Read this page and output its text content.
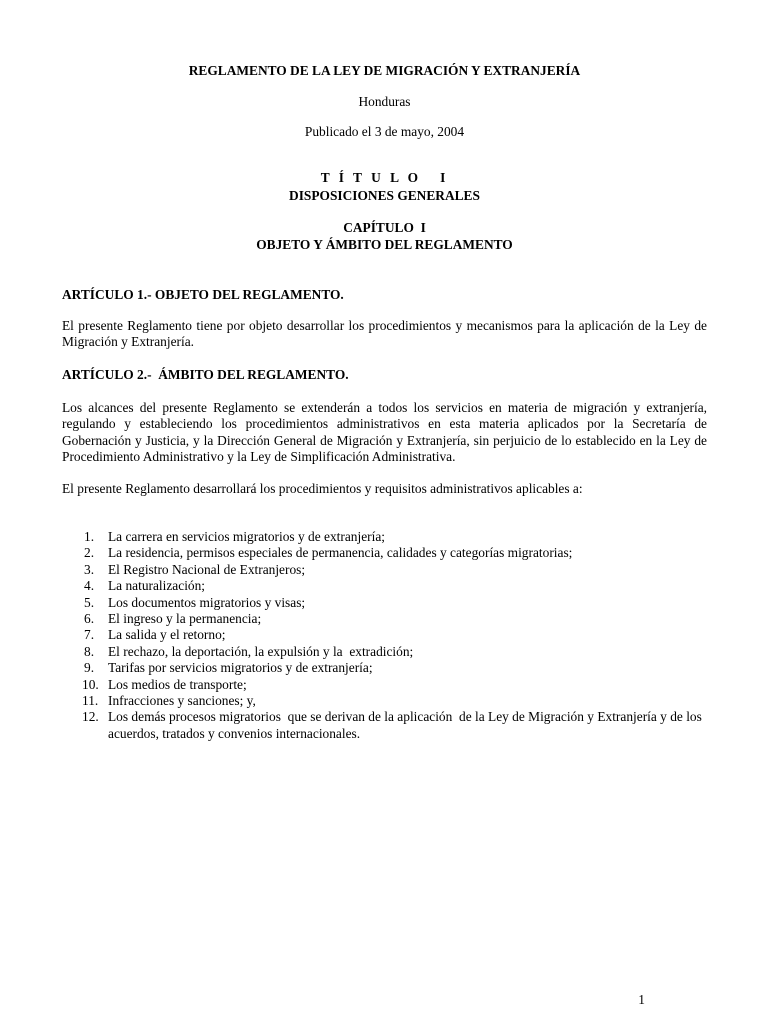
REGLAMENTO DE LA LEY DE MIGRACIÓN Y EXTRANJERÍA
Honduras
Publicado el 3 de mayo, 2004
T Í T U L O   I
DISPOSICIONES GENERALES
CAPÍTULO  I
OBJETO Y ÁMBITO DEL REGLAMENTO
ARTÍCULO 1.- OBJETO DEL REGLAMENTO.
El presente Reglamento tiene por objeto desarrollar los procedimientos y mecanismos para la aplicación de la Ley de Migración y Extranjería.
ARTÍCULO 2.-  ÁMBITO DEL REGLAMENTO.
Los alcances del presente Reglamento se extenderán a todos los servicios en materia de migración y extranjería, regulando y estableciendo los procedimientos administrativos en esta materia aplicados por la Secretaría de Gobernación y Justicia, y la Dirección General de Migración y Extranjería, sin perjuicio de lo establecido en la Ley de Procedimiento Administrativo y la Ley de Simplificación Administrativa.
El presente Reglamento desarrollará los procedimientos y requisitos administrativos aplicables a:
1. La carrera en servicios migratorios y de extranjería;
2. La residencia, permisos especiales de permanencia, calidades y categorías migratorias;
3. El Registro Nacional de Extranjeros;
4. La naturalización;
5. Los documentos migratorios y visas;
6. El ingreso y la permanencia;
7. La salida y el retorno;
8. El rechazo, la deportación, la expulsión y la  extradición;
9. Tarifas por servicios migratorios y de extranjería;
10. Los medios de transporte;
11. Infracciones y sanciones; y,
12. Los demás procesos migratorios  que se derivan de la aplicación  de la Ley de Migración y Extranjería y de los acuerdos, tratados y convenios internacionales.
1
